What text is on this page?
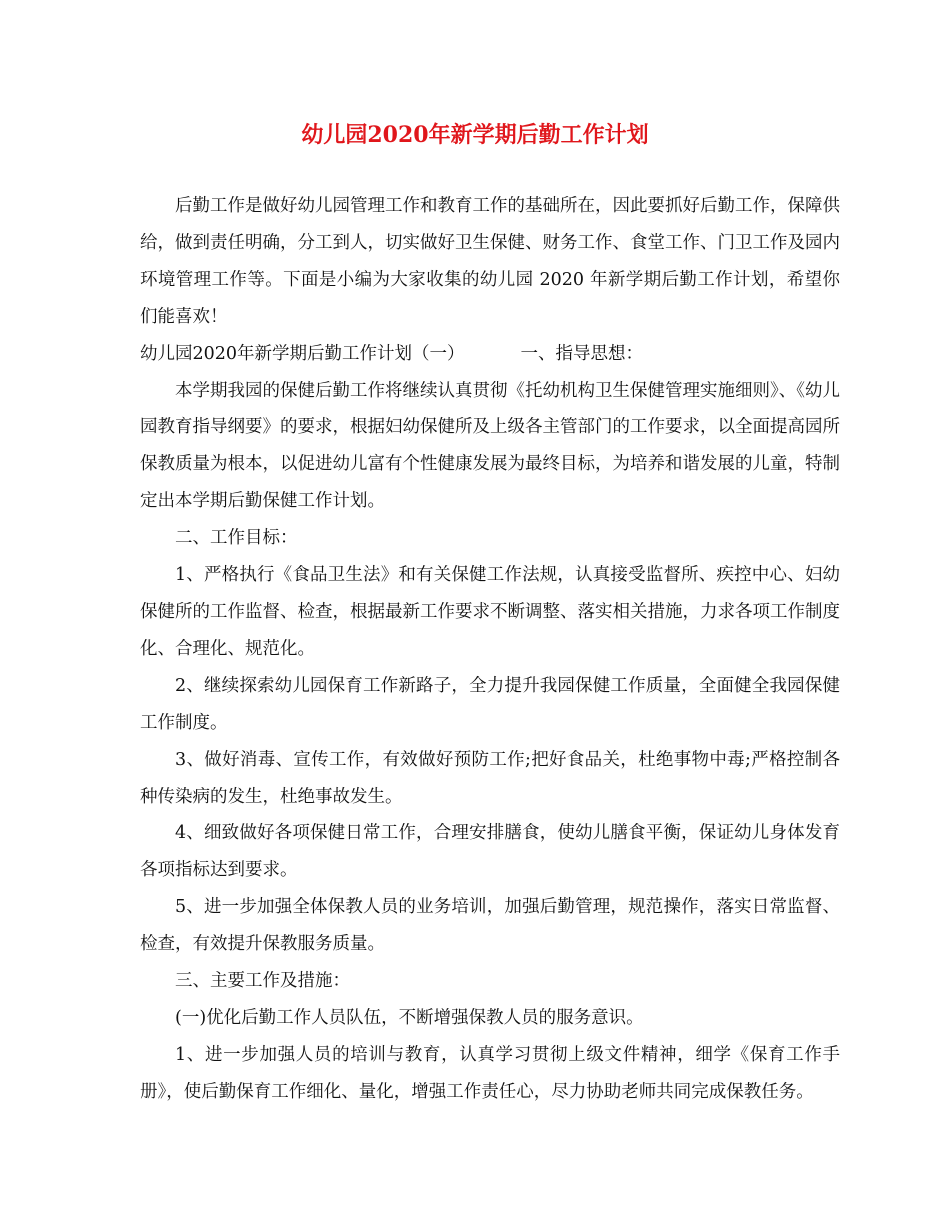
幼儿园2020年新学期后勤工作计划

后勤工作是做好幼儿园管理工作和教育工作的基础所在，因此要抓好后勤工作，保障供给，做到责任明确，分工到人，切实做好卫生保健、财务工作、食堂工作、门卫工作及园内环境管理工作等。下面是小编为大家收集的幼儿园 2020 年新学期后勤工作计划，希望你们能喜欢！

幼儿园2020年新学期后勤工作计划（一）	一、指导思想：

本学期我园的保健后勤工作将继续认真贯彻《托幼机构卫生保健管理实施细则》、《幼儿园教育指导纲要》的要求，根据妇幼保健所及上级各主管部门的工作要求，以全面提高园所保教质量为根本，以促进幼儿富有个性健康发展为最终目标，为培养和谐发展的儿童，特制定出本学期后勤保健工作计划。

二、工作目标：

1、严格执行《食品卫生法》和有关保健工作法规，认真接受监督所、疾控中心、妇幼保健所的工作监督、检查，根据最新工作要求不断调整、落实相关措施，力求各项工作制度化、合理化、规范化。

2、继续探索幼儿园保育工作新路子，全力提升我园保健工作质量，全面健全我园保健工作制度。

3、做好消毒、宣传工作，有效做好预防工作;把好食品关，杜绝事物中毒;严格控制各种传染病的发生，杜绝事故发生。

4、细致做好各项保健日常工作，合理安排膳食，使幼儿膳食平衡，保证幼儿身体发育各项指标达到要求。

5、进一步加强全体保教人员的业务培训，加强后勤管理，规范操作，落实日常监督、检查，有效提升保教服务质量。

三、主要工作及措施：

(一)优化后勤工作人员队伍，不断增强保教人员的服务意识。

1、进一步加强人员的培训与教育，认真学习贯彻上级文件精神，细学《保育工作手册》，使后勤保育工作细化、量化，增强工作责任心，尽力协助老师共同完成保教任务。
